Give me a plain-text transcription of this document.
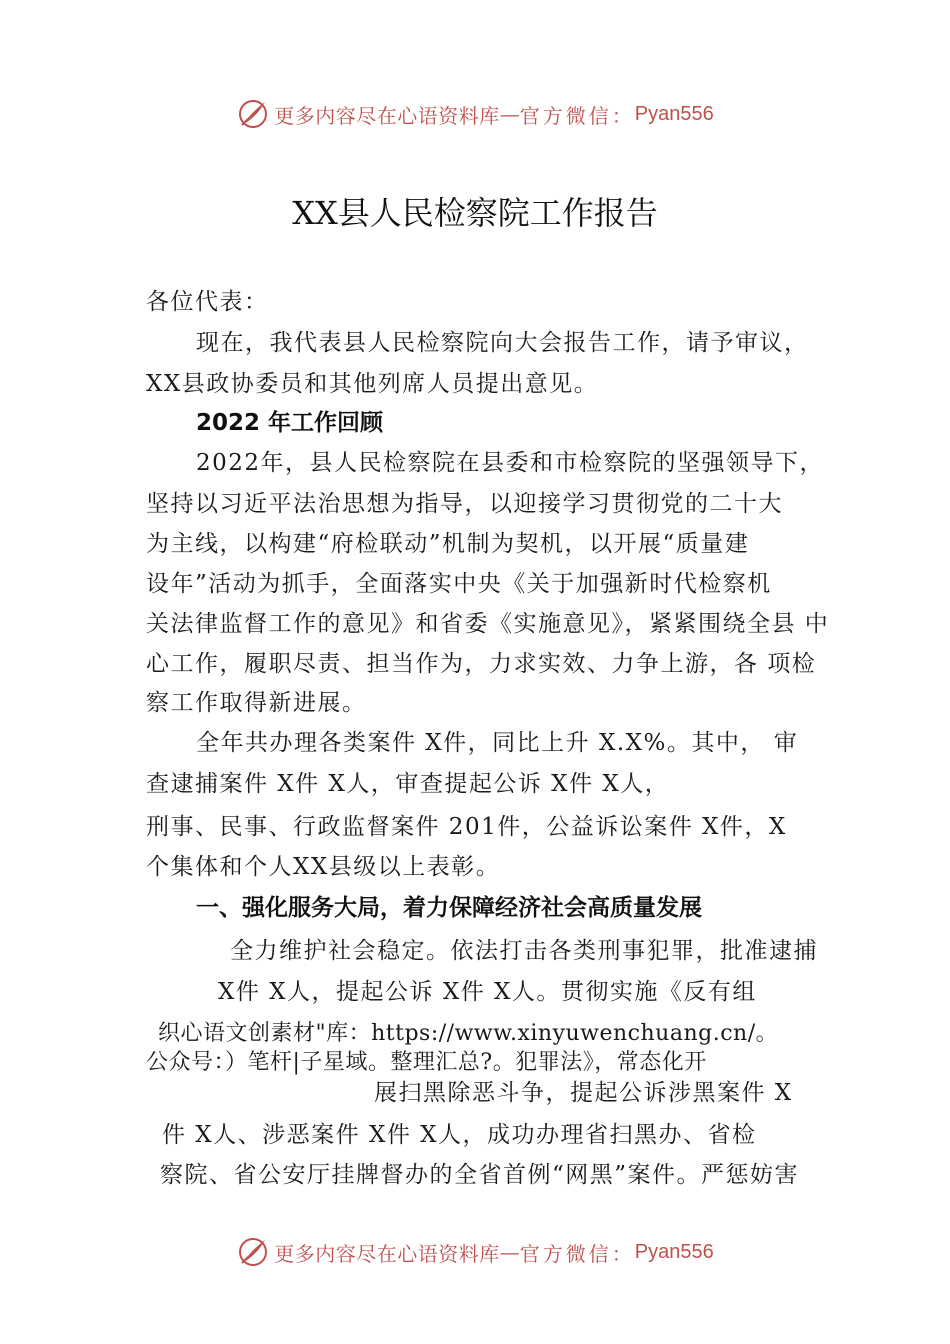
更多内容尽在心语资料库 — 官方微信： Pyan556
XX县人民检察院工作报告
各位代表：
现在，我代表县人民检察院向大会报告工作，请予审议，
XX县政协委员和其他列席人员提出意见。
2022 年工作回顾
2022年，县人民检察院在县委和市检察院的坚强领导下，
坚持以习近平法治思想为指导，以迎接学习贯彻党的二十大
为主线，以构建“府检联动”机制为契机，以开展“质量建
设年”活动为抓手，全面落实中央《关于加强新时代检察机
关法律监督工作的意见》和省委《实施意见》，紧紧围绕全县 中
心工作，履职尽责、担当作为，力求实效、力争上游，各 项检
察工作取得新进展。
全年共办理各类案件 X件，同比上升 X.X%。其中， 审
查逮捕案件 X件 X人，审查提起公诉 X件 X人，
刑事、民事、行政监督案件 201件，公益诉讼案件 X件，X
个集体和个人XX县级以上表彰。
一、强化服务大局，着力保障经济社会高质量发展
全力维护社会稳定。依法打击各类刑事犯罪，批准逮捕
X件 X人，提起公诉 X件 X人。贯彻实施《反有组
织心语文创素材"库：https://www.xinyuwenchuang.cn/。
公众号：）笔杆|子星域。整理汇总?。犯罪法》，常态化开
展扫黑除恶斗争，提起公诉涉黑案件 X
件 X人、涉恶案件 X件 X人，成功办理省扫黑办、省检
察院、省公安厅挂牌督办的全省首例“网黑”案件。严惩妨害
更多内容尽在心语资料库 — 官方微信： Pyan556
